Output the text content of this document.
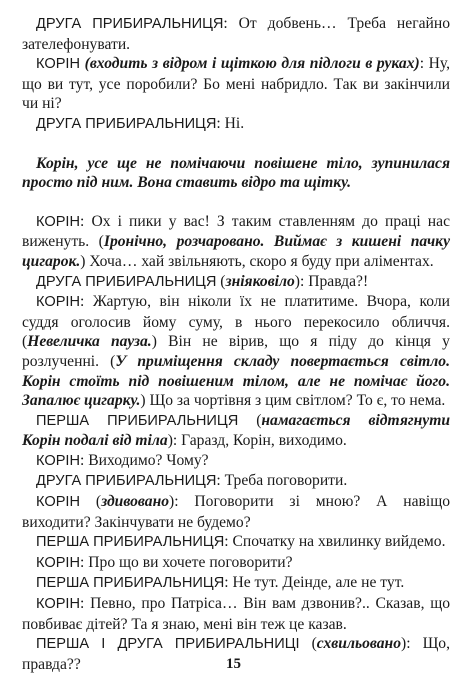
ДРУГА ПРИБИРАЛЬНИЦЯ: От добвень… Треба негайно зателефонувати.

КОРІН (входить з відром і щіткою для підлоги в руках): Ну, що ви тут, усе поробили? Бо мені набридло. Так ви закінчили чи ні?

ДРУГА ПРИБИРАЛЬНИЦЯ: Ні.

Корін, усе ще не помічаючи повішене тіло, зупинилася просто під ним. Вона ставить відро та щітку.

КОРІН: Ох і пики у вас! З таким ставленням до праці нас виженуть. (Іронічно, розчаровано. Виймає з кишені пачку цигарок.) Хоча… хай звільняють, скоро я буду при аліментах.

ДРУГА ПРИБИРАЛЬНИЦЯ (знiяковiло): Правда?!

КОРІН: Жартую, він ніколи їх не платитиме. Вчора, коли суддя оголосив йому суму, в нього перекосило обличчя. (Невеличка пауза.) Він не вірив, що я піду до кінця у розлученні. (У приміщення складу повертається світло. Корін стоїть під повішеним тілом, але не помічає його. Запалює цигарку.) Що за чортівня з цим світлом? То є, то нема.

ПЕРША ПРИБИРАЛЬНИЦЯ (намагається відтягнути Корін подалі від тіла): Гаразд, Корін, виходимо.

КОРІН: Виходимо? Чому?

ДРУГА ПРИБИРАЛЬНИЦЯ: Треба поговорити.

КОРІН (здивовано): Поговорити зі мною? А навіщо виходити? Закінчувати не будемо?

ПЕРША ПРИБИРАЛЬНИЦЯ: Спочатку на хвилинку вийдемо.

КОРІН: Про що ви хочете поговорити?

ПЕРША ПРИБИРАЛЬНИЦЯ: Не тут. Деінде, але не тут.

КОРІН: Певно, про Патріса… Він вам дзвонив?.. Сказав, що повбиває дітей? Та я знаю, мені він теж це казав.

ПЕРША І ДРУГА ПРИБИРАЛЬНИЦІ (схвильовано): Що, правда??	15
